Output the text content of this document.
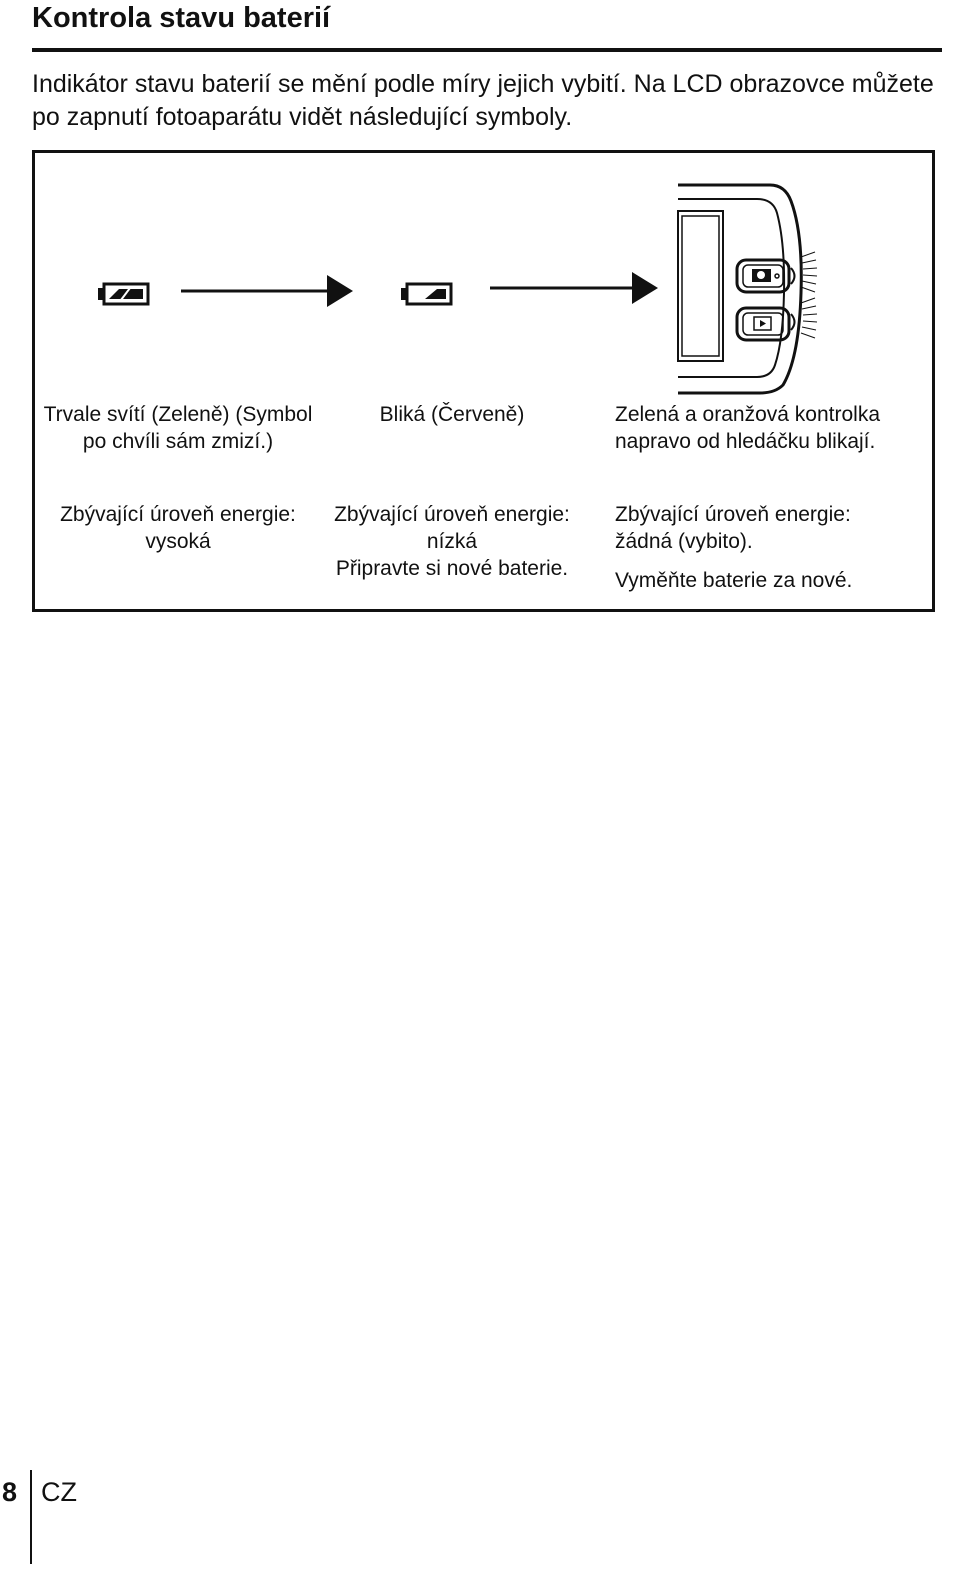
Kontrola stavu baterií
Indikátor stavu baterií se mění podle míry jejich vybití. Na LCD obrazovce můžete po zapnutí fotoaparátu vidět následující symboly.
Trvale svítí (Zeleně) (Symbol po chvíli sám zmizí.)
Bliká (Červeně)	Zelená a oranžová kontrolka napravo od hledáčku blikají.
Zbývající úroveň energie:
vysoká
Zbývající úroveň energie:
nízká
Připravte si nové baterie.
Zbývající úroveň energie:
žádná (vybito).
Vyměňte baterie za nové.
8 CZ
